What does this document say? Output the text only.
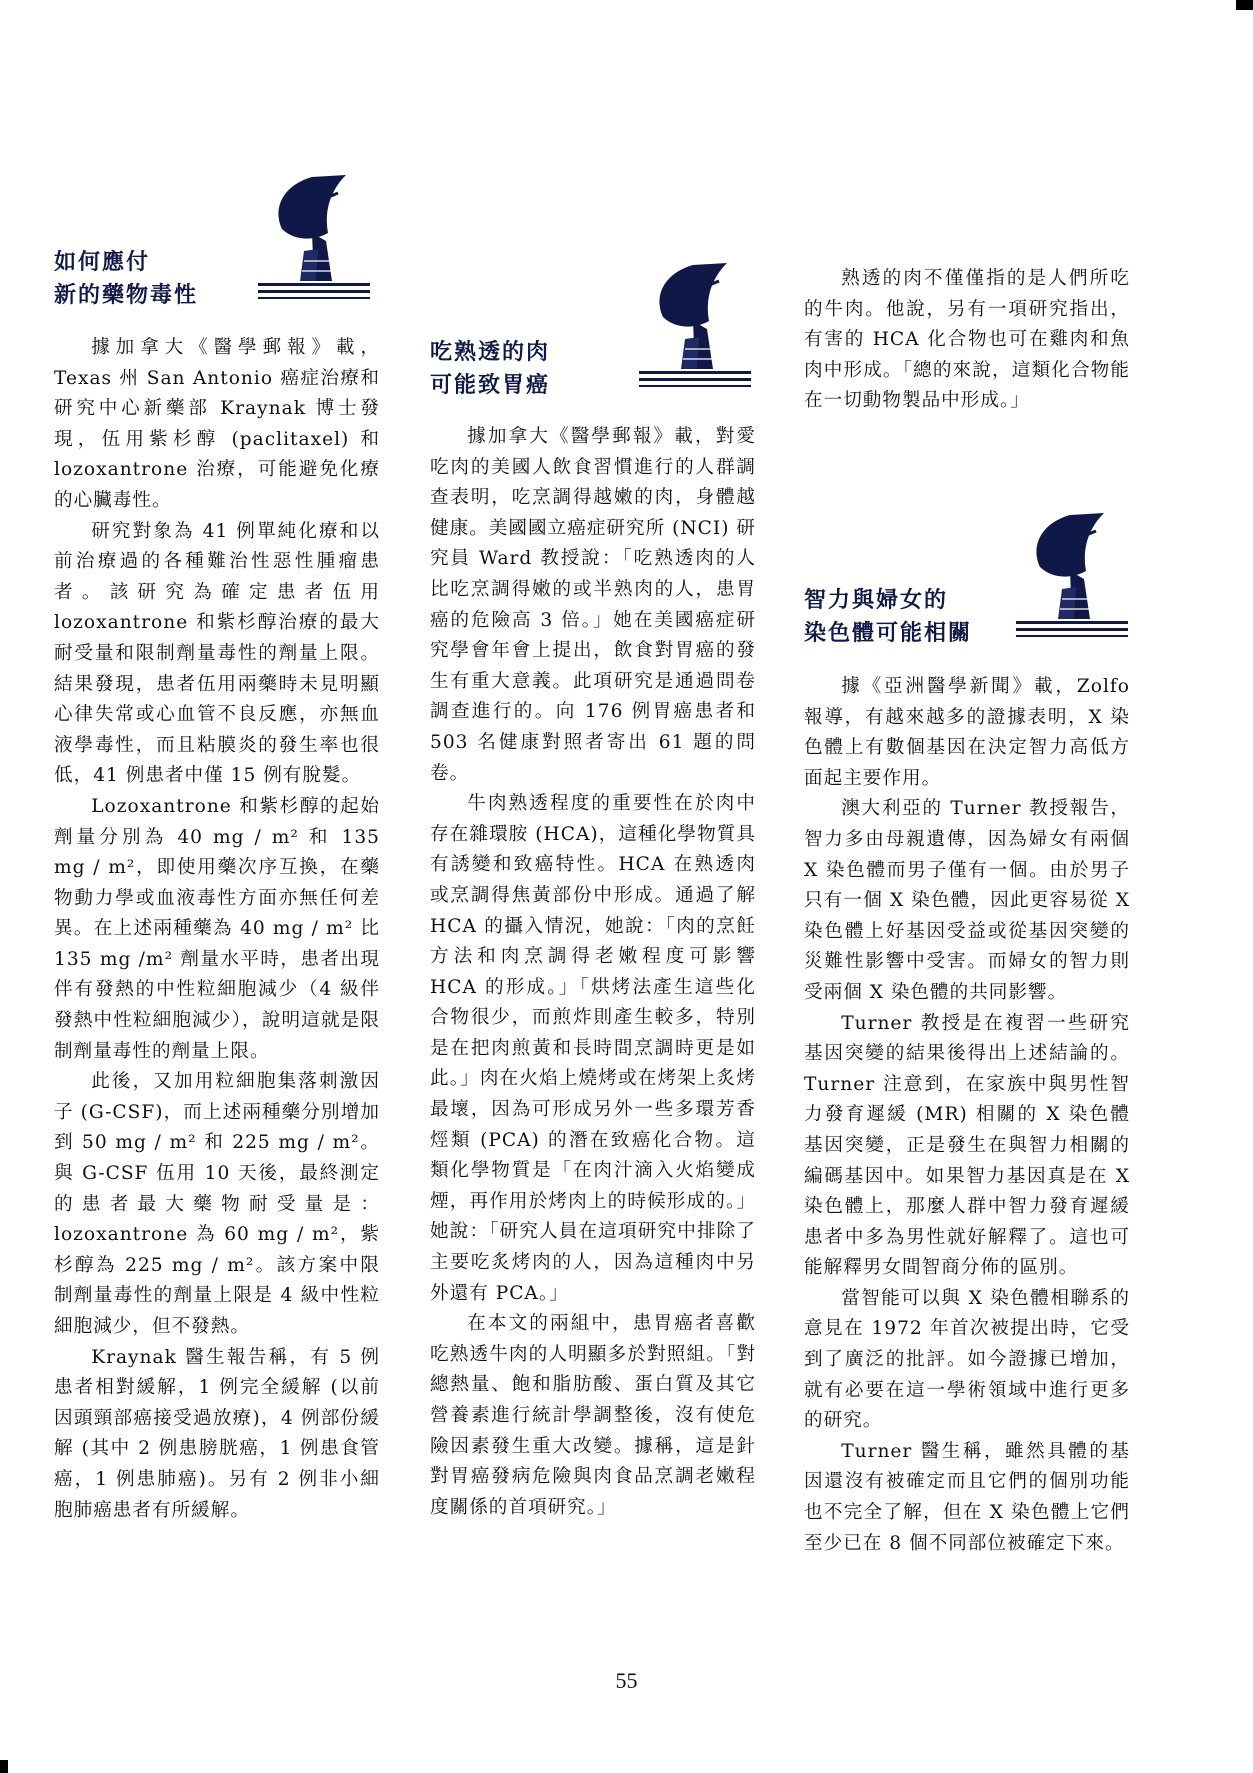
如何應付
新的藥物毒性

據加拿大《醫學郵報》載，Texas 州 San Antonio 癌症治療和研究中心新藥部 Kraynak 博士發現，伍用紫杉醇 (paclitaxel) 和 lozoxantrone 治療，可能避免化療的心臟毒性。

研究對象為 41 例單純化療和以前治療過的各種難治性惡性腫瘤患者。該研究為確定患者伍用 lozoxantrone 和紫杉醇治療的最大耐受量和限制劑量毒性的劑量上限。結果發現，患者伍用兩藥時未見明顯心律失常或心血管不良反應，亦無血液學毒性，而且粘膜炎的發生率也很低，41 例患者中僅 15 例有脫髮。

Lozoxantrone 和紫杉醇的起始劑量分別為 40 mg / m² 和 135 mg / m²，即使用藥次序互換，在藥物動力學或血液毒性方面亦無任何差異。在上述兩種藥為 40 mg / m² 比 135 mg /m² 劑量水平時，患者出現伴有發熱的中性粒細胞減少（4 級伴發熱中性粒細胞減少），說明這就是限制劑量毒性的劑量上限。

此後，又加用粒細胞集落刺激因子 (G-CSF)，而上述兩種藥分別增加到 50 mg / m² 和 225 mg / m²。與 G-CSF 伍用 10 天後，最終測定的患者最大藥物耐受量是：lozoxantrone 為 60 mg / m²，紫杉醇為 225 mg / m²。該方案中限制劑量毒性的劑量上限是 4 級中性粒細胞減少，但不發熱。

Kraynak 醫生報告稱，有 5 例患者相對緩解，1 例完全緩解 (以前因頭頸部癌接受過放療)，4 例部份緩解 (其中 2 例患膀胱癌，1 例患食管癌，1 例患肺癌)。另有 2 例非小細胞肺癌患者有所緩解。

吃熟透的肉
可能致胃癌

據加拿大《醫學郵報》載，對愛吃肉的美國人飲食習慣進行的人群調查表明，吃烹調得越嫩的肉，身體越健康。美國國立癌症研究所 (NCI) 研究員 Ward 教授說：「吃熟透肉的人比吃烹調得嫩的或半熟肉的人，患胃癌的危險高 3 倍。」她在美國癌症研究學會年會上提出，飲食對胃癌的發生有重大意義。此項研究是通過問卷調查進行的。向 176 例胃癌患者和 503 名健康對照者寄出 61 題的問卷。

牛肉熟透程度的重要性在於肉中存在雜環胺 (HCA)，這種化學物質具有誘變和致癌特性。HCA 在熟透肉或烹調得焦黃部份中形成。通過了解 HCA 的攝入情況，她說：「肉的烹飪方法和肉烹調得老嫩程度可影響 HCA 的形成。」「烘烤法產生這些化合物很少，而煎炸則產生較多，特別是在把肉煎黃和長時間烹調時更是如此。」肉在火焰上燒烤或在烤架上炙烤最壞，因為可形成另外一些多環芳香烴類 (PCA) 的潛在致癌化合物。這類化學物質是「在肉汁滴入火焰變成煙，再作用於烤肉上的時候形成的。」她說：「研究人員在這項研究中排除了主要吃炙烤肉的人，因為這種肉中另外還有 PCA。」

在本文的兩組中，患胃癌者喜歡吃熟透牛肉的人明顯多於對照組。「對總熱量、飽和脂肪酸、蛋白質及其它營養素進行統計學調整後，沒有使危險因素發生重大改變。據稱，這是針對胃癌發病危險與肉食品烹調老嫩程度關係的首項研究。」

熟透的肉不僅僅指的是人們所吃的牛肉。他說，另有一項研究指出，有害的 HCA 化合物也可在雞肉和魚肉中形成。「總的來說，這類化合物能在一切動物製品中形成。」

智力與婦女的
染色體可能相關

據《亞洲醫學新聞》載，Zolfo 報導，有越來越多的證據表明，X 染色體上有數個基因在決定智力高低方面起主要作用。

澳大利亞的 Turner 教授報告，智力多由母親遺傳，因為婦女有兩個 X 染色體而男子僅有一個。由於男子只有一個 X 染色體，因此更容易從 X 染色體上好基因受益或從基因突變的災難性影響中受害。而婦女的智力則受兩個 X 染色體的共同影響。

Turner 教授是在複習一些研究基因突變的結果後得出上述結論的。Turner 注意到，在家族中與男性智力發育遲緩 (MR) 相關的 X 染色體基因突變，正是發生在與智力相關的編碼基因中。如果智力基因真是在 X 染色體上，那麼人群中智力發育遲緩患者中多為男性就好解釋了。這也可能解釋男女間智商分佈的區別。

當智能可以與 X 染色體相聯系的意見在 1972 年首次被提出時，它受到了廣泛的批評。如今證據已增加，就有必要在這一學術領域中進行更多的研究。

Turner 醫生稱，雖然具體的基因還沒有被確定而且它們的個別功能也不完全了解，但在 X 染色體上它們至少已在 8 個不同部位被確定下來。

55
